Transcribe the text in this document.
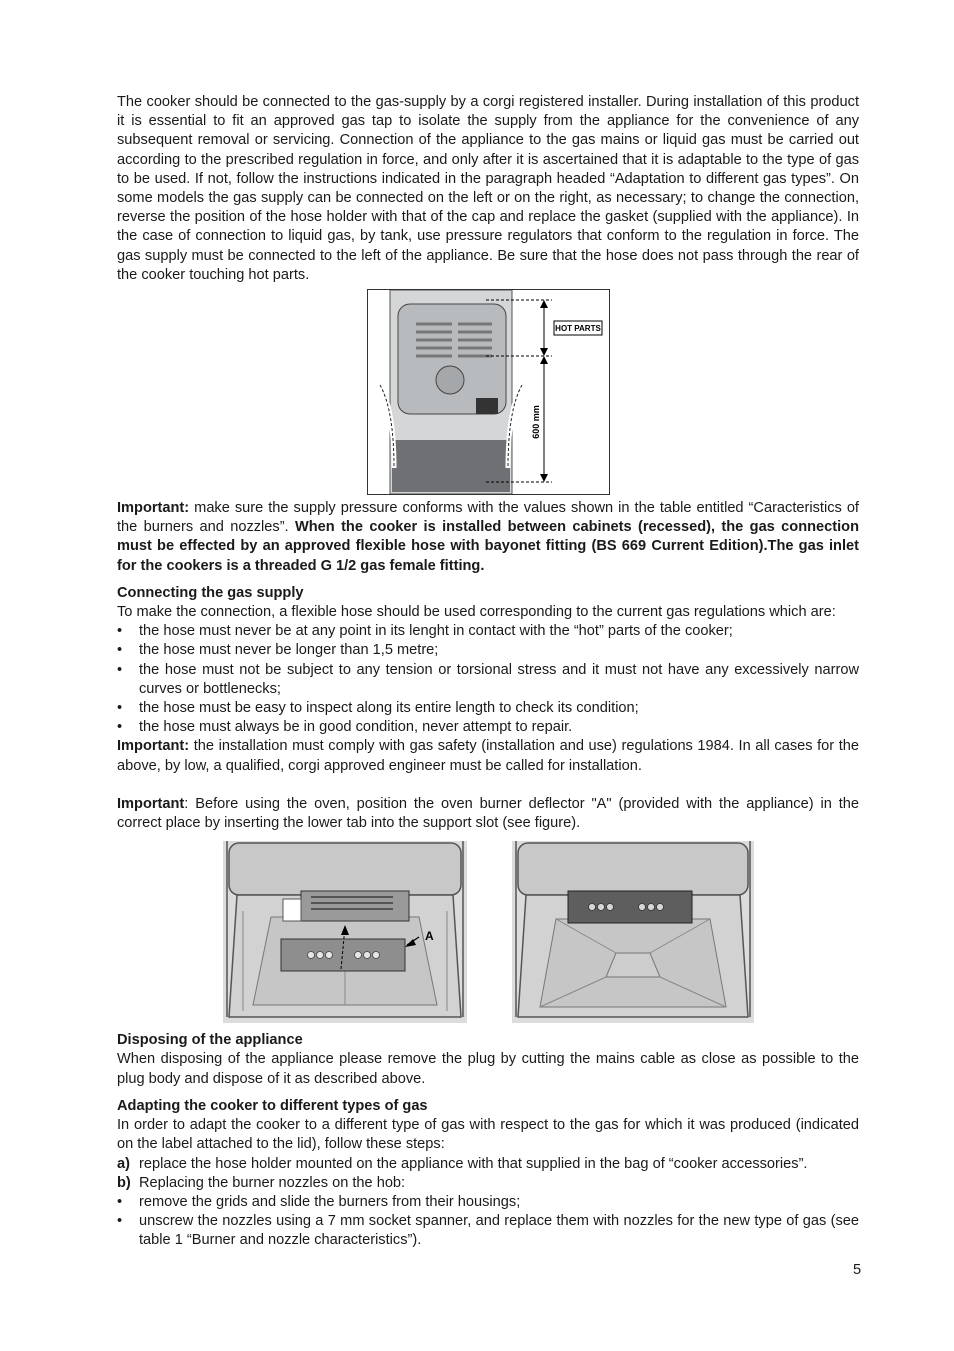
The cooker should be connected to the gas-supply by a corgi registered installer. During installation of this product it is essential to fit an approved gas tap to isolate the supply from the appliance for the convenience of any subsequent removal or servicing. Connection of the appliance to the gas mains or liquid gas must be carried out according to the prescribed regulation in force, and only after it is ascertained that it is adaptable to the type of gas to be used. If not, follow the instructions indicated in the paragraph headed “Adaptation to different gas types”. On some models the gas supply can be connected on the left or on the right, as necessary; to change the connection, reverse the position of the hose holder with that of the cap and replace the gasket (supplied with the appliance). In the case of connection to liquid gas, by tank, use pressure regulators that conform to the regulation in force. The gas supply must be connected to the left of the appliance. Be sure that the hose does not pass through the rear of the cooker touching hot parts.

HOT PARTS
600 mm

Important: make sure the supply pressure conforms with the values shown in the table entitled “Caracteristics of the burners and nozzles”. When the cooker is installed between cabinets (recessed), the gas connection must be effected by an approved flexible hose with bayonet fitting (BS 669 Current Edition).The gas inlet for the cookers is a threaded G 1/2 gas female fitting.

Connecting the gas supply

To make the connection, a flexible hose should be used corresponding to the current gas regulations which are:

• the hose must never be at any point in its lenght in contact with the “hot” parts of the cooker;
• the hose must never be longer than 1,5 metre;
• the hose must not be subject to any tension or torsional stress and it must not have any excessively narrow curves or bottlenecks;
• the hose must be easy to inspect along its entire length to check its condition;
• the hose must always be in good condition, never attempt to repair.

Important: the installation must comply with gas safety (installation and use) regulations 1984. In all cases for the above, by low, a qualified, corgi approved engineer must be called for installation.

Important: Before using the oven, position the oven burner deflector "A" (provided with the appliance) in the correct place by inserting the lower tab into the support slot (see figure).

A
Disposing of the appliance

When disposing of the appliance please remove the plug by cutting the mains cable as close as possible to the plug body and dispose of it as described above.

Adapting the cooker to different types of gas

In order to adapt the cooker to a different type of gas with respect to the gas for which it was produced (indicated on the label attached to the lid), follow these steps:

a) replace the hose holder mounted on the appliance with that supplied in the bag of “cooker accessories”.
b) Replacing the burner nozzles on the hob:
• remove the grids and slide the burners from their housings;
• unscrew the nozzles using a 7 mm socket spanner, and replace them with nozzles for the new type of gas (see table 1 “Burner and nozzle characteristics”).
5
